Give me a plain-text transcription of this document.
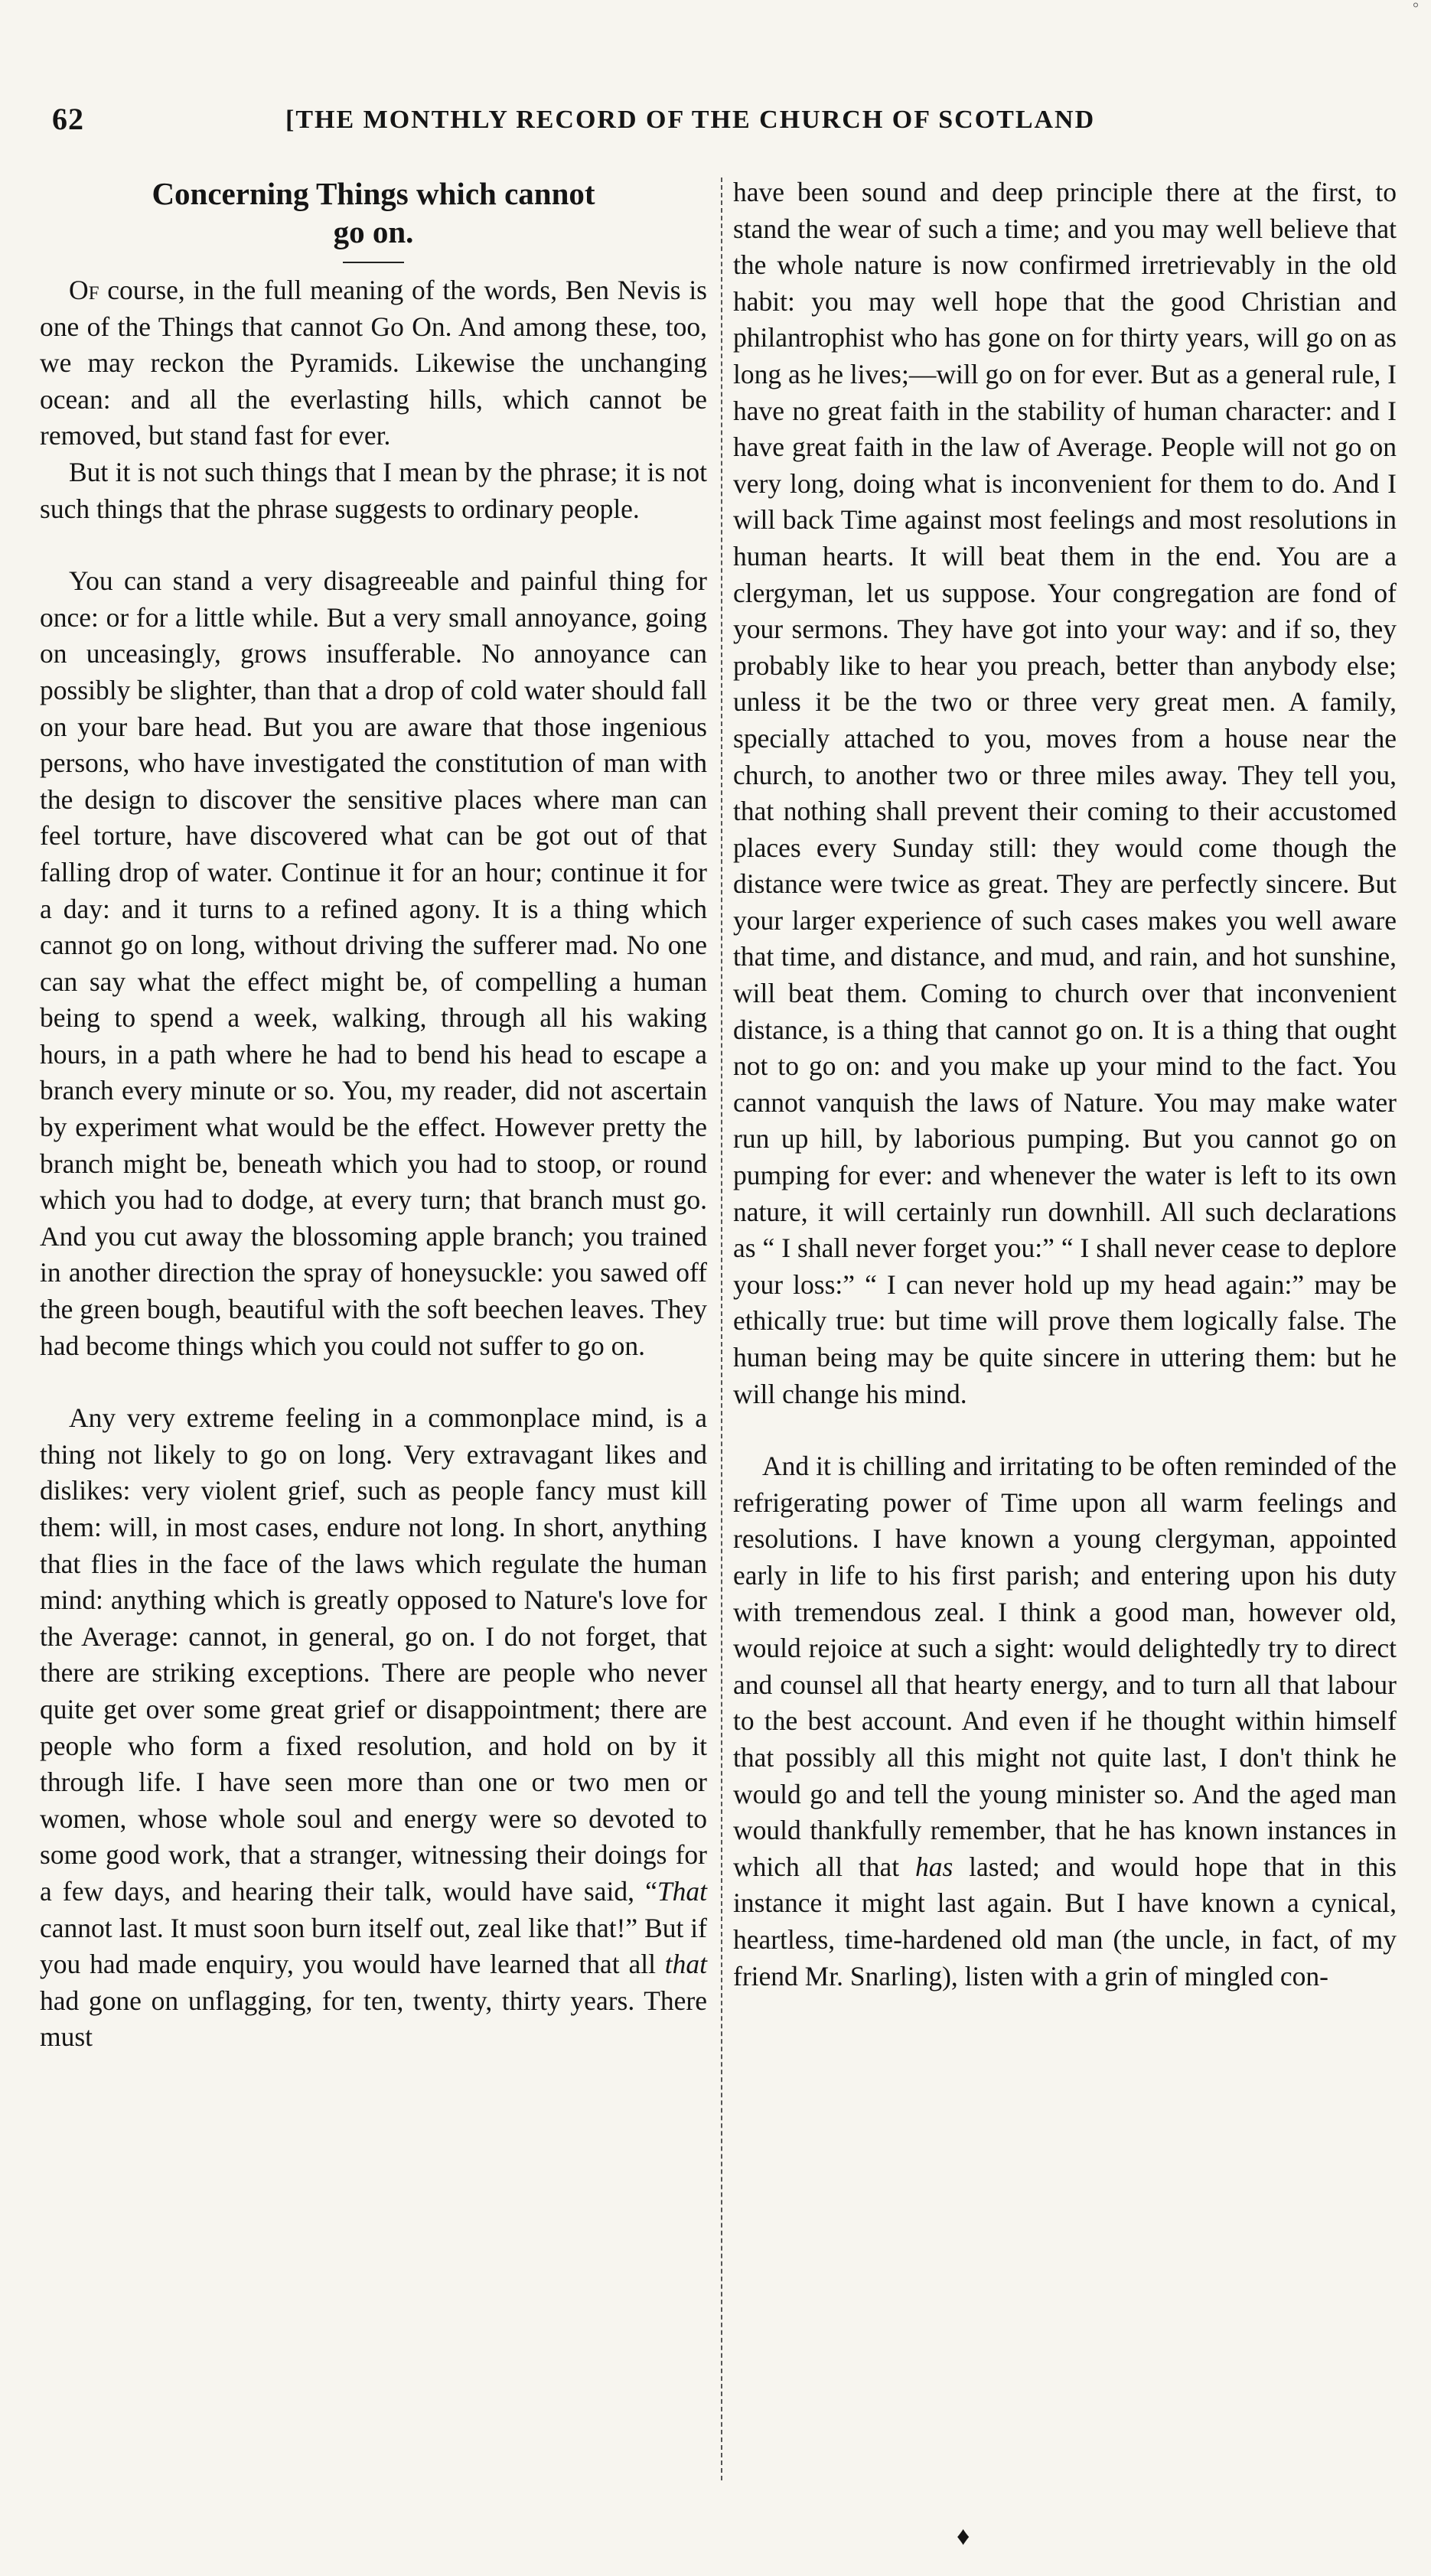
°
62	[THE MONTHLY RECORD OF THE CHURCH OF SCOTLAND
Concerning Things which cannot
go on.

Of course, in the full meaning of the words, Ben Nevis is one of the Things that cannot Go On. And among these, too, we may reckon the Pyramids. Likewise the unchanging ocean: and all the everlasting hills, which cannot be removed, but stand fast for ever.

But it is not such things that I mean by the phrase; it is not such things that the phrase suggests to ordinary people.

You can stand a very disagreeable and painful thing for once: or for a little while. But a very small annoyance, going on unceasingly, grows insufferable. No annoyance can possibly be slighter, than that a drop of cold water should fall on your bare head. But you are aware that those ingenious persons, who have investigated the constitution of man with the design to discover the sensitive places where man can feel torture, have discovered what can be got out of that falling drop of water. Continue it for an hour; continue it for a day: and it turns to a refined agony. It is a thing which cannot go on long, without driving the sufferer mad. No one can say what the effect might be, of compelling a human being to spend a week, walking, through all his waking hours, in a path where he had to bend his head to escape a branch every minute or so. You, my reader, did not ascertain by experiment what would be the effect. However pretty the branch might be, beneath which you had to stoop, or round which you had to dodge, at every turn; that branch must go. And you cut away the blossoming apple branch; you trained in another direction the spray of honeysuckle: you sawed off the green bough, beautiful with the soft beechen leaves. They had become things which you could not suffer to go on.

Any very extreme feeling in a commonplace mind, is a thing not likely to go on long. Very extravagant likes and dislikes: very violent grief, such as people fancy must kill them: will, in most cases, endure not long. In short, anything that flies in the face of the laws which regulate the human mind: anything which is greatly opposed to Nature's love for the Average: cannot, in general, go on. I do not forget, that there are striking exceptions. There are people who never quite get over some great grief or disappointment; there are people who form a fixed resolution, and hold on by it through life. I have seen more than one or two men or women, whose whole soul and energy were so devoted to some good work, that a stranger, witnessing their doings for a few days, and hearing their talk, would have said, “That cannot last. It must soon burn itself out, zeal like that!” But if you had made enquiry, you would have learned that all that had gone on unflagging, for ten, twenty, thirty years. There must

have been sound and deep principle there at the first, to stand the wear of such a time; and you may well believe that the whole nature is now confirmed irretrievably in the old habit: you may well hope that the good Christian and philantrophist who has gone on for thirty years, will go on as long as he lives;—will go on for ever. But as a general rule, I have no great faith in the stability of human character: and I have great faith in the law of Average. People will not go on very long, doing what is inconvenient for them to do. And I will back Time against most feelings and most resolutions in human hearts. It will beat them in the end. You are a clergyman, let us suppose. Your congregation are fond of your sermons. They have got into your way: and if so, they probably like to hear you preach, better than anybody else; unless it be the two or three very great men. A family, specially attached to you, moves from a house near the church, to another two or three miles away. They tell you, that nothing shall prevent their coming to their accustomed places every Sunday still: they would come though the distance were twice as great. They are perfectly sincere. But your larger experience of such cases makes you well aware that time, and distance, and mud, and rain, and hot sunshine, will beat them. Coming to church over that inconvenient distance, is a thing that cannot go on. It is a thing that ought not to go on: and you make up your mind to the fact. You cannot vanquish the laws of Nature. You may make water run up hill, by laborious pumping. But you cannot go on pumping for ever: and whenever the water is left to its own nature, it will certainly run downhill. All such declarations as “ I shall never forget you:” “ I shall never cease to deplore your loss:” “ I can never hold up my head again:” may be ethically true: but time will prove them logically false. The human being may be quite sincere in uttering them: but he will change his mind.

And it is chilling and irritating to be often reminded of the refrigerating power of Time upon all warm feelings and resolutions. I have known a young clergyman, appointed early in life to his first parish; and entering upon his duty with tremendous zeal. I think a good man, however old, would rejoice at such a sight: would delightedly try to direct and counsel all that hearty energy, and to turn all that labour to the best account. And even if he thought within himself that possibly all this might not quite last, I don't think he would go and tell the young minister so. And the aged man would thankfully remember, that he has known instances in which all that has lasted; and would hope that in this instance it might last again. But I have known a cynical, heartless, time-hardened old man (the uncle, in fact, of my friend Mr. Snarling), listen with a grin of mingled con-

♦
